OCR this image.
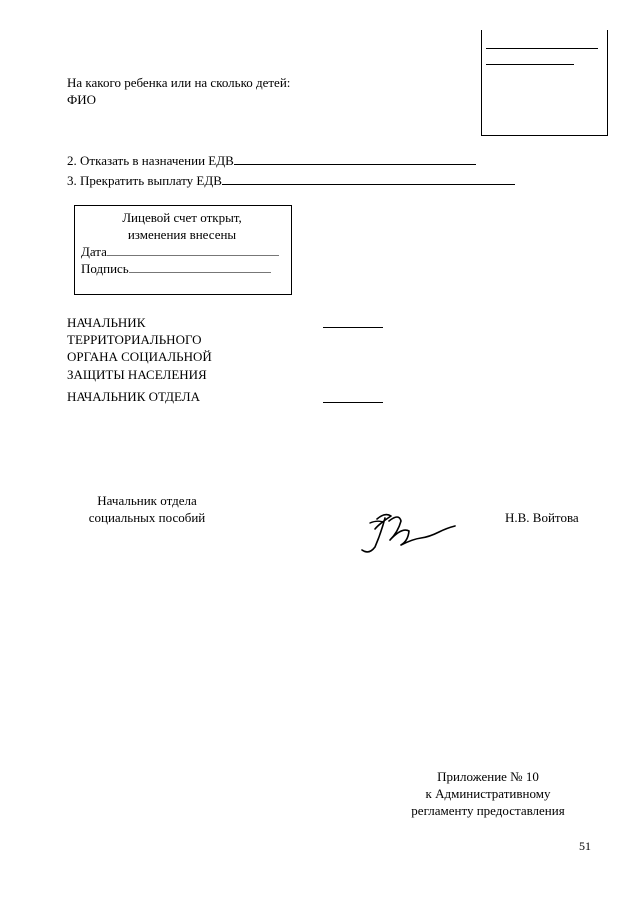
На какого ребенка или на сколько детей:
ФИО
2. Отказать в назначении ЕДВ
3. Прекратить выплату ЕДВ
Лицевой счет открыт,
изменения внесены
Дата
Подпись
НАЧАЛЬНИК
ТЕРРИТОРИАЛЬНОГО
ОРГАНА СОЦИАЛЬНОЙ
ЗАЩИТЫ НАСЕЛЕНИЯ
НАЧАЛЬНИК ОТДЕЛА
Начальник отдела
социальных пособий	Н.В. Войтова
Приложение № 10
к Административному
регламенту предоставления
51
